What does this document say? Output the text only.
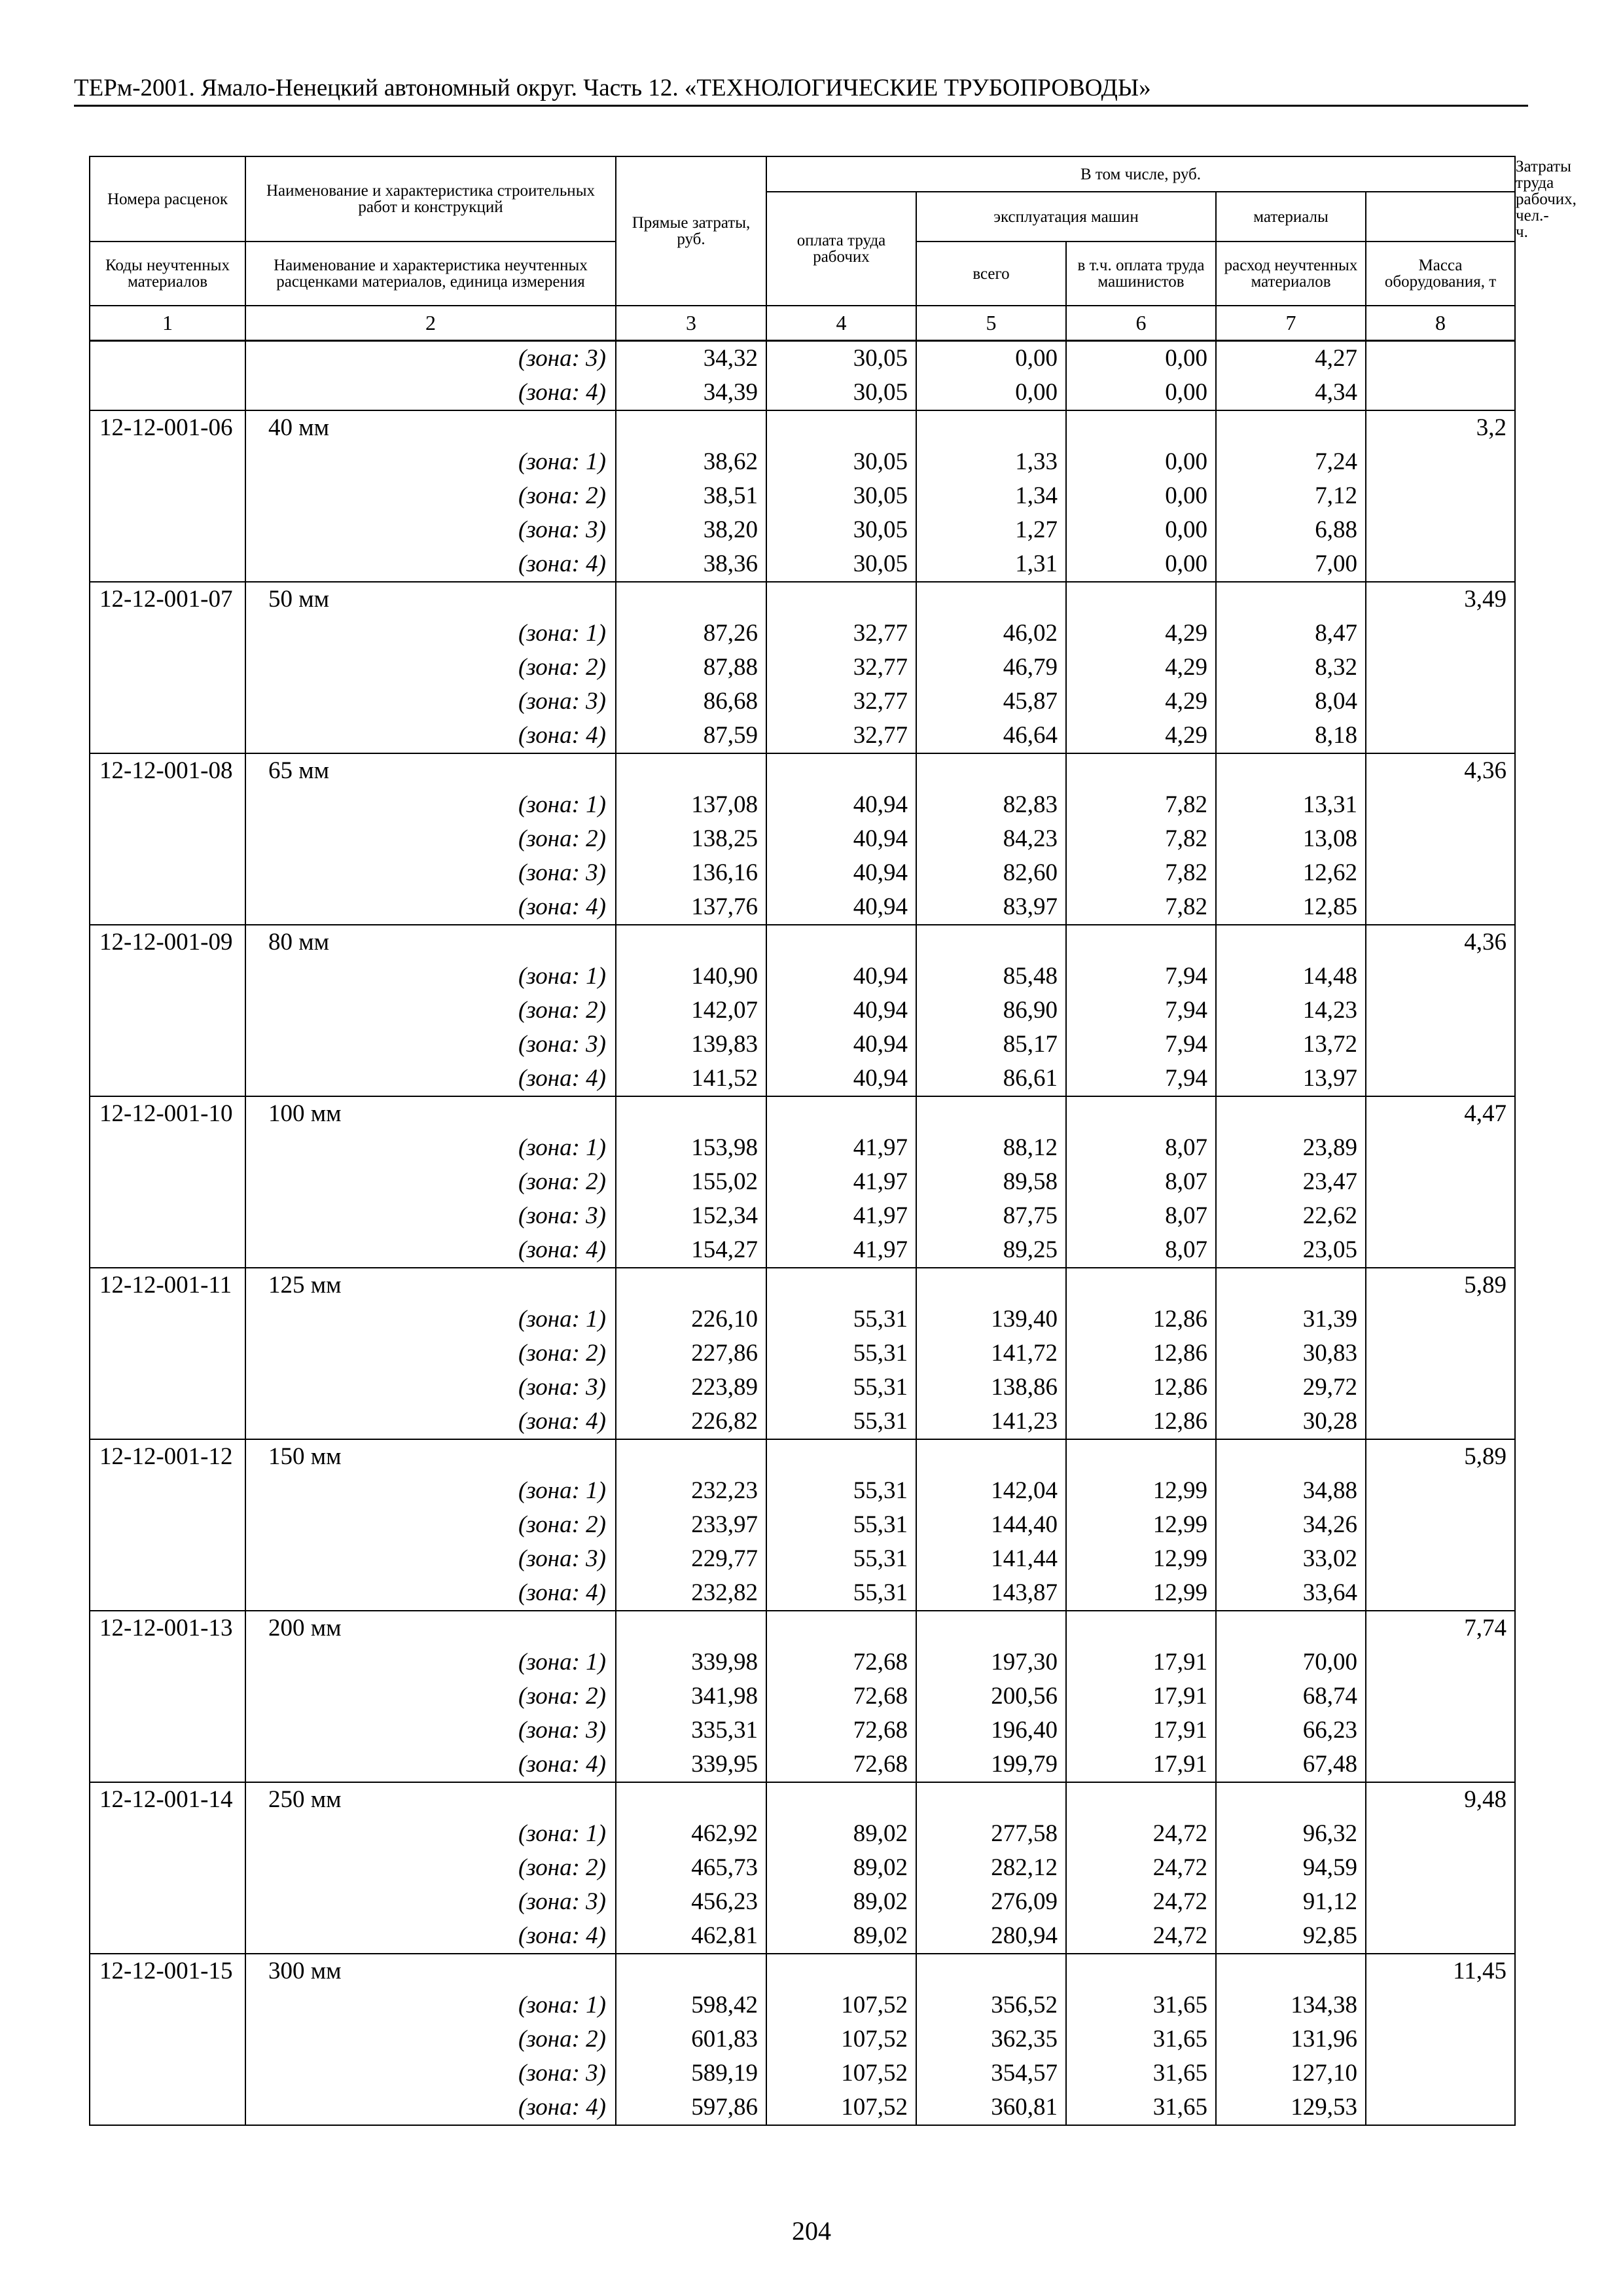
ТЕРм-2001. Ямало-Ненецкий автономный округ. Часть 12. «ТЕХНОЛОГИЧЕСКИЕ ТРУБОПРОВОДЫ»
Номера расценок	Наименование и характеристика строительных работ и конструкций	Прямые затраты, руб.	В том числе, руб.					Затраты труда рабочих, чел.-ч.
			оплата труда рабочих	эксплуатация машин		материалы		
Коды неучтенных материалов	Наименование и характеристика неучтенных расценками материалов, единица измерения			всего	в т.ч. оплата труда машинистов	расход неучтенных материалов	Масса оборудования, т	

1	2	3	4	5	6	7	8	
	(зона: 3)	34,32	30,05	0,00	0,00	4,27		
	(зона: 4)	34,39	30,05	0,00	0,00	4,34		
12-12-001-06	40 мм						3,2	
	(зона: 1)	38,62	30,05	1,33	0,00	7,24		
	(зона: 2)	38,51	30,05	1,34	0,00	7,12		
	(зона: 3)	38,20	30,05	1,27	0,00	6,88		
	(зона: 4)	38,36	30,05	1,31	0,00	7,00		
12-12-001-07	50 мм						3,49	
	(зона: 1)	87,26	32,77	46,02	4,29	8,47		
	(зона: 2)	87,88	32,77	46,79	4,29	8,32		
	(зона: 3)	86,68	32,77	45,87	4,29	8,04		
	(зона: 4)	87,59	32,77	46,64	4,29	8,18		
12-12-001-08	65 мм						4,36	
	(зона: 1)	137,08	40,94	82,83	7,82	13,31		
	(зона: 2)	138,25	40,94	84,23	7,82	13,08		
	(зона: 3)	136,16	40,94	82,60	7,82	12,62		
	(зона: 4)	137,76	40,94	83,97	7,82	12,85		
12-12-001-09	80 мм						4,36	
	(зона: 1)	140,90	40,94	85,48	7,94	14,48		
	(зона: 2)	142,07	40,94	86,90	7,94	14,23		
	(зона: 3)	139,83	40,94	85,17	7,94	13,72		
	(зона: 4)	141,52	40,94	86,61	7,94	13,97		
12-12-001-10	100 мм						4,47	
	(зона: 1)	153,98	41,97	88,12	8,07	23,89		
	(зона: 2)	155,02	41,97	89,58	8,07	23,47		
	(зона: 3)	152,34	41,97	87,75	8,07	22,62		
	(зона: 4)	154,27	41,97	89,25	8,07	23,05		
12-12-001-11	125 мм						5,89	
	(зона: 1)	226,10	55,31	139,40	12,86	31,39		
	(зона: 2)	227,86	55,31	141,72	12,86	30,83		
	(зона: 3)	223,89	55,31	138,86	12,86	29,72		
	(зона: 4)	226,82	55,31	141,23	12,86	30,28		
12-12-001-12	150 мм						5,89	
	(зона: 1)	232,23	55,31	142,04	12,99	34,88		
	(зона: 2)	233,97	55,31	144,40	12,99	34,26		
	(зона: 3)	229,77	55,31	141,44	12,99	33,02		
	(зона: 4)	232,82	55,31	143,87	12,99	33,64		
12-12-001-13	200 мм						7,74	
	(зона: 1)	339,98	72,68	197,30	17,91	70,00		
	(зона: 2)	341,98	72,68	200,56	17,91	68,74		
	(зона: 3)	335,31	72,68	196,40	17,91	66,23		
	(зона: 4)	339,95	72,68	199,79	17,91	67,48		
12-12-001-14	250 мм						9,48	
	(зона: 1)	462,92	89,02	277,58	24,72	96,32		
	(зона: 2)	465,73	89,02	282,12	24,72	94,59		
	(зона: 3)	456,23	89,02	276,09	24,72	91,12		
	(зона: 4)	462,81	89,02	280,94	24,72	92,85		
12-12-001-15	300 мм						11,45	
	(зона: 1)	598,42	107,52	356,52	31,65	134,38		
	(зона: 2)	601,83	107,52	362,35	31,65	131,96		
	(зона: 3)	589,19	107,52	354,57	31,65	127,10		
	(зона: 4)	597,86	107,52	360,81	31,65	129,53		
204
